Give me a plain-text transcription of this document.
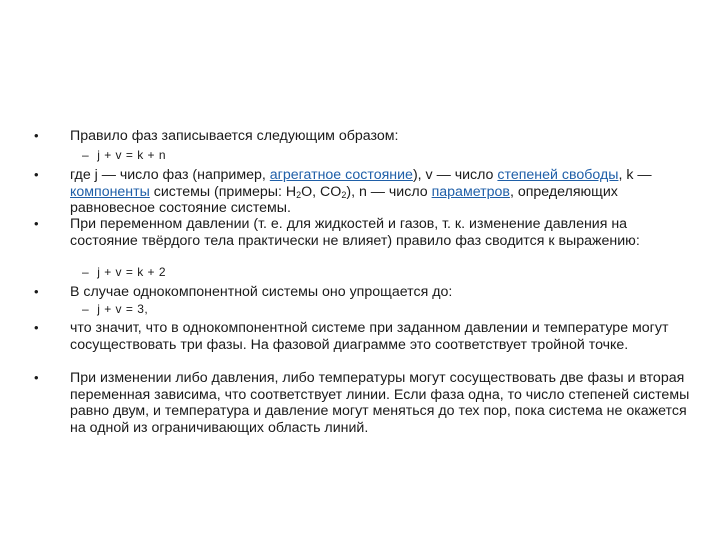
• Правило фаз записывается следующим образом:
– j + v = k + n
• где j — число фаз (например, агрегатное состояние), v — число степеней свободы, k — компоненты системы (примеры: $H_2O$, $CO_2$), n — число параметров, определяющих равновесное состояние системы.
• При переменном давлении (т. е. для жидкостей и газов, т. к. изменение давления на состояние твёрдого тела практически не влияет) правило фаз сводится к выражению:
– j + v = k + 2
• В случае однокомпонентной системы оно упрощается до:
– j + v = 3,
• что значит, что в однокомпонентной системе при заданном давлении и температуре могут сосуществовать три фазы. На фазовой диаграмме это соответствует тройной точке.
• При изменении либо давления, либо температуры могут сосуществовать две фазы и вторая переменная зависима, что соответствует линии. Если фаза одна, то число степеней системы равно двум, и температура и давление могут меняться до тех пор, пока система не окажется на одной из ограничивающих область линий.
